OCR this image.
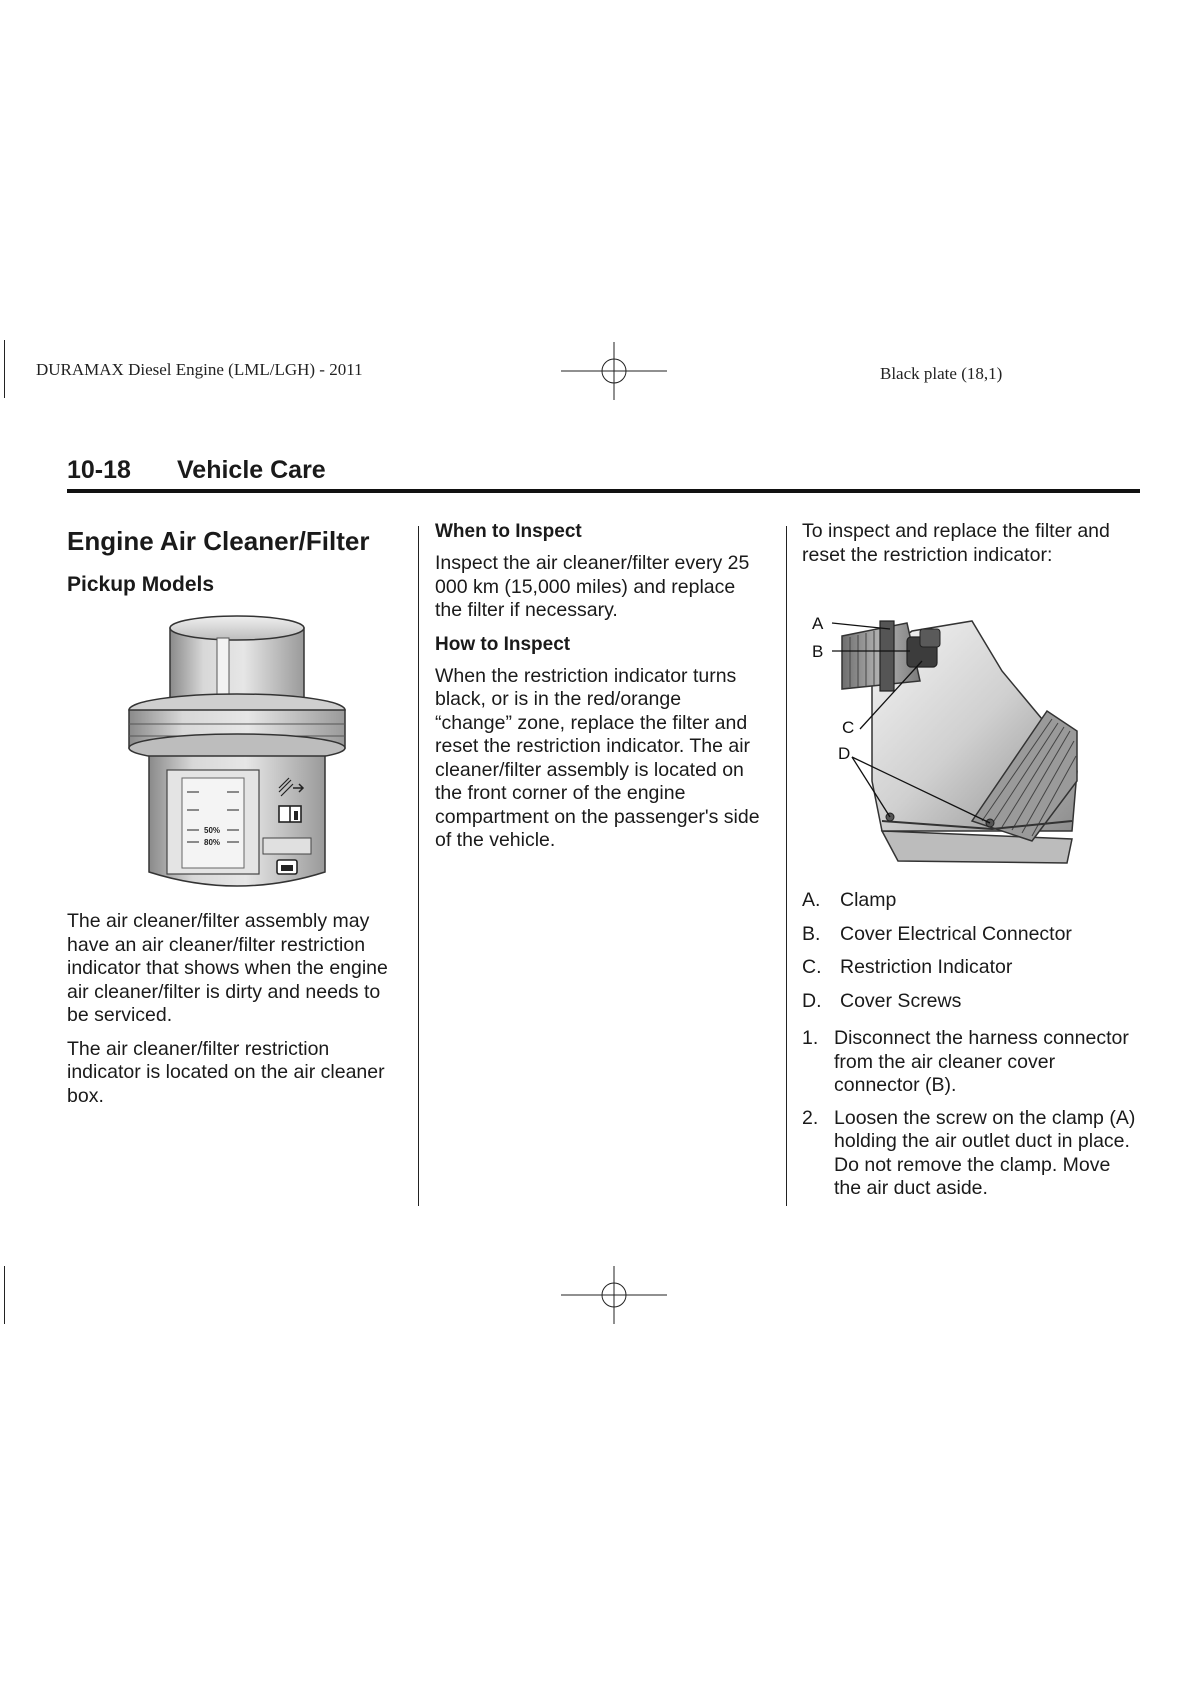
DURAMAX Diesel Engine (LML/LGH) - 2011	Black plate (18,1)
10-18 Vehicle Care
Engine Air Cleaner/Filter
Pickup Models
50%
80%

The air cleaner/filter assembly may have an air cleaner/filter restriction indicator that shows when the engine air cleaner/filter is dirty and needs to be serviced.

The air cleaner/filter restriction indicator is located on the air cleaner box.

When to Inspect

Inspect the air cleaner/filter every 25 000 km (15,000 miles) and replace the filter if necessary.

How to Inspect

When the restriction indicator turns black, or is in the red/orange “change” zone, replace the filter and reset the restriction indicator. The air cleaner/filter assembly is located on the front corner of the engine compartment on the passenger's side of the vehicle.

To inspect and replace the filter and reset the restriction indicator:

A
B
C
D
A.	Clamp
B.	Cover Electrical Connector
C. Restriction Indicator
D. Cover Screws
1. Disconnect the harness connector from the air cleaner cover connector (B).
2. Loosen the screw on the clamp (A) holding the air outlet duct in place. Do not remove the clamp. Move the air duct aside.
